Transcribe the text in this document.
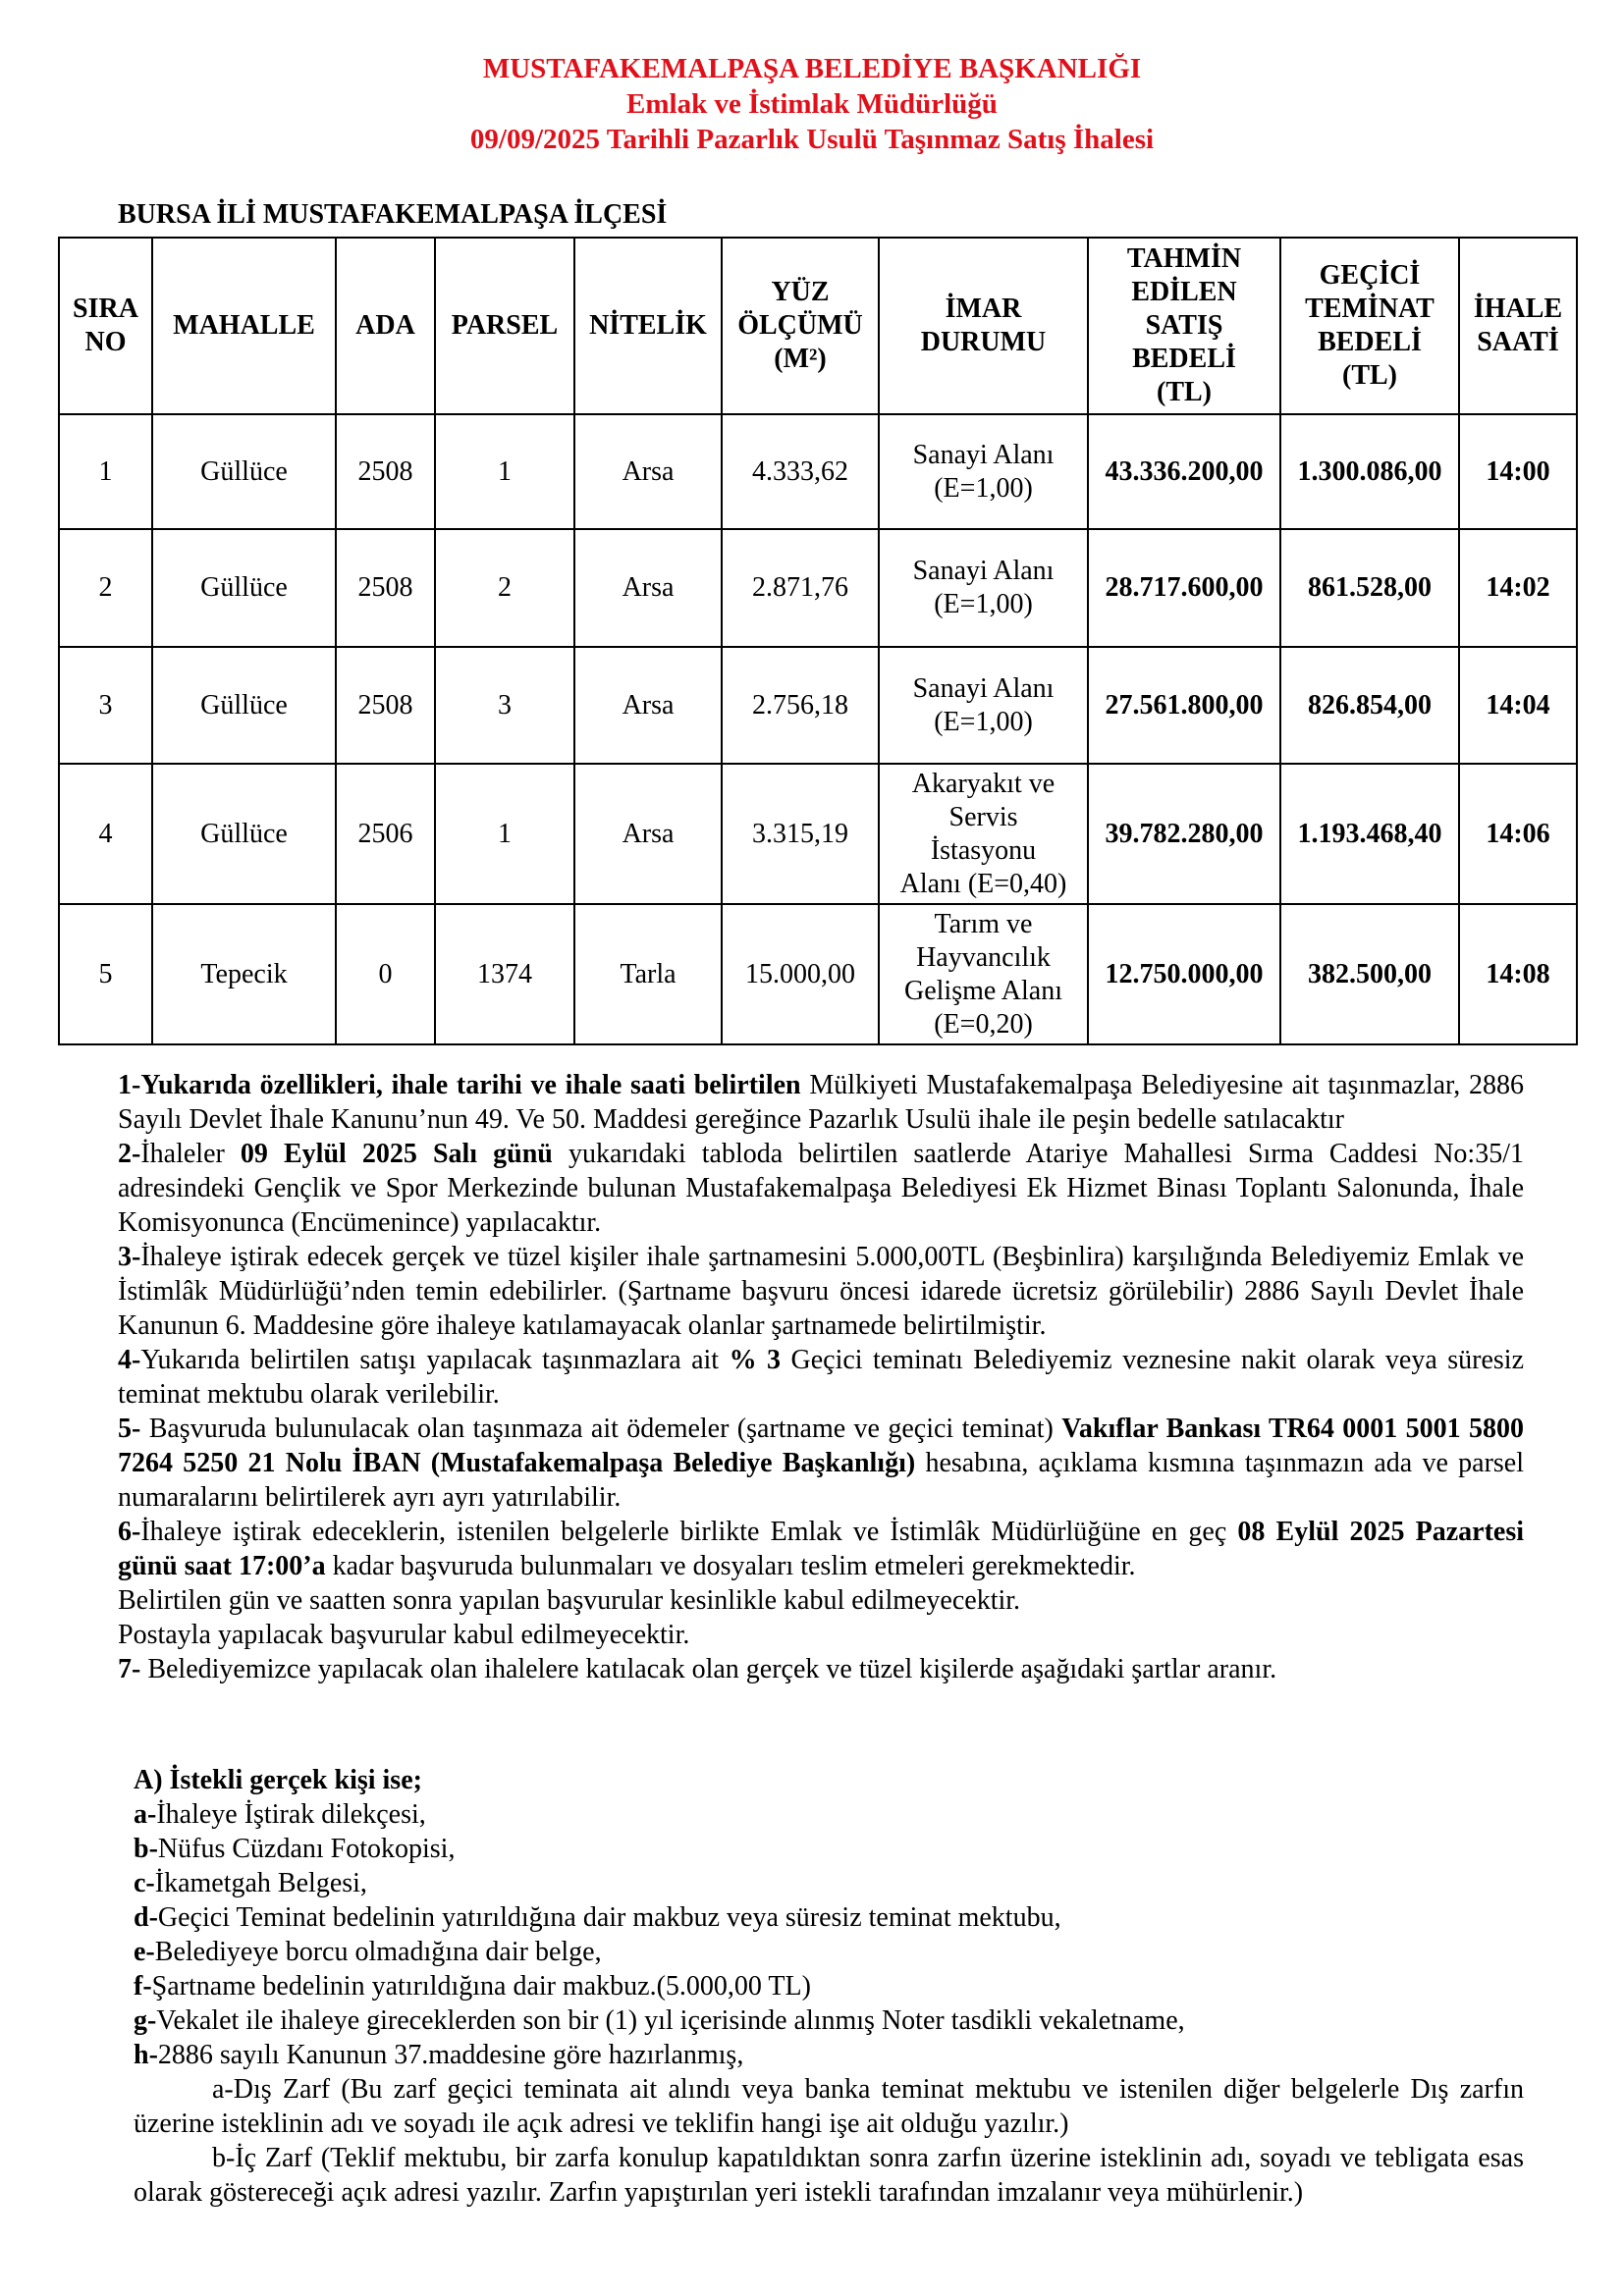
MUSTAFAKEMALPAŞA BELEDİYE BAŞKANLIĞI
Emlak ve İstimlak Müdürlüğü
09/09/2025 Tarihli Pazarlık Usulü Taşınmaz Satış İhalesi
BURSA İLİ MUSTAFAKEMALPAŞA İLÇESİ
SIRA
NO	MAHALLE	ADA	PARSEL	NİTELİK	YÜZ
ÖLÇÜMÜ
(M²)	İMAR
DURUMU	TAHMİN
EDİLEN
SATIŞ
BEDELİ
(TL)	GEÇİCİ
TEMİNAT
BEDELİ
(TL)	İHALE
SAATİ
1	Güllüce	2508	1	Arsa	4.333,62	Sanayi Alanı
(E=1,00)	43.336.200,00	1.300.086,00	14:00
2	Güllüce	2508	2	Arsa	2.871,76	Sanayi Alanı
(E=1,00)	28.717.600,00	861.528,00	14:02
3	Güllüce	2508	3	Arsa	2.756,18	Sanayi Alanı
(E=1,00)	27.561.800,00	826.854,00	14:04
4	Güllüce	2506	1	Arsa	3.315,19	Akaryakıt ve
Servis
İstasyonu
Alanı (E=0,40)	39.782.280,00	1.193.468,40	14:06
5	Tepecik	0	1374	Tarla	15.000,00	Tarım ve
Hayvancılık
Gelişme Alanı
(E=0,20)	12.750.000,00	382.500,00	14:08

1-Yukarıda özellikleri, ihale tarihi ve ihale saati belirtilen Mülkiyeti Mustafakemalpaşa Belediyesine ait taşınmazlar, 2886 Sayılı Devlet İhale Kanunu’nun 49. Ve 50. Maddesi gereğince Pazarlık Usulü ihale ile peşin bedelle satılacaktır

2-İhaleler 09 Eylül 2025 Salı günü yukarıdaki tabloda belirtilen saatlerde Atariye Mahallesi Sırma Caddesi No:35/1 adresindeki Gençlik ve Spor Merkezinde bulunan Mustafakemalpaşa Belediyesi Ek Hizmet Binası Toplantı Salonunda, İhale Komisyonunca (Encümenince) yapılacaktır.

3-İhaleye iştirak edecek gerçek ve tüzel kişiler ihale şartnamesini 5.000,00TL (Beşbinlira) karşılığında Belediyemiz Emlak ve İstimlâk Müdürlüğü’nden temin edebilirler. (Şartname başvuru öncesi idarede ücretsiz görülebilir) 2886 Sayılı Devlet İhale Kanunun 6. Maddesine göre ihaleye katılamayacak olanlar şartnamede belirtilmiştir.

4-Yukarıda belirtilen satışı yapılacak taşınmazlara ait % 3 Geçici teminatı Belediyemiz veznesine nakit olarak veya süresiz teminat mektubu olarak verilebilir.

5- Başvuruda bulunulacak olan taşınmaza ait ödemeler (şartname ve geçici teminat) Vakıflar Bankası TR64 0001 5001 5800 7264 5250 21 Nolu İBAN (Mustafakemalpaşa Belediye Başkanlığı) hesabına, açıklama kısmına taşınmazın ada ve parsel numaralarını belirtilerek ayrı ayrı yatırılabilir.

6-İhaleye iştirak edeceklerin, istenilen belgelerle birlikte Emlak ve İstimlâk Müdürlüğüne en geç 08 Eylül 2025 Pazartesi günü saat 17:00’a kadar başvuruda bulunmaları ve dosyaları teslim etmeleri gerekmektedir.

Belirtilen gün ve saatten sonra yapılan başvurular kesinlikle kabul edilmeyecektir.

Postayla yapılacak başvurular kabul edilmeyecektir.

7- Belediyemizce yapılacak olan ihalelere katılacak olan gerçek ve tüzel kişilerde aşağıdaki şartlar aranır.

A) İstekli gerçek kişi ise;

a-İhaleye İştirak dilekçesi,

b-Nüfus Cüzdanı Fotokopisi,

c-İkametgah Belgesi,

d-Geçici Teminat bedelinin yatırıldığına dair makbuz veya süresiz teminat mektubu,

e-Belediyeye borcu olmadığına dair belge,

f-Şartname bedelinin yatırıldığına dair makbuz.(5.000,00 TL)

g-Vekalet ile ihaleye gireceklerden son bir (1) yıl içerisinde alınmış Noter tasdikli vekaletname,

h-2886 sayılı Kanunun 37.maddesine göre hazırlanmış,

a-Dış Zarf (Bu zarf geçici teminata ait alındı veya banka teminat mektubu ve istenilen diğer belgelerle Dış zarfın üzerine isteklinin adı ve soyadı ile açık adresi ve teklifin hangi işe ait olduğu yazılır.)

b-İç Zarf (Teklif mektubu, bir zarfa konulup kapatıldıktan sonra zarfın üzerine isteklinin adı, soyadı ve tebligata esas olarak göstereceği açık adresi yazılır. Zarfın yapıştırılan yeri istekli tarafından imzalanır veya mühürlenir.)
